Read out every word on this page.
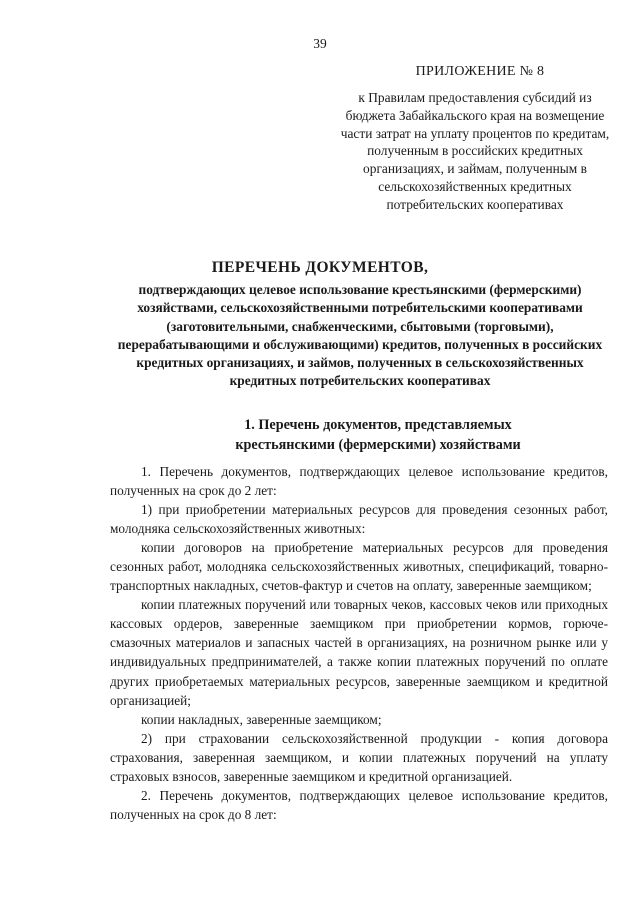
39
ПРИЛОЖЕНИЕ № 8
к Правилам предоставления субсидий из бюджета Забайкальского края на возмещение части затрат на уплату процентов по кредитам, полученным в российских кредитных организациях, и займам, полученным в сельскохозяйственных кредитных потребительских кооперативах
ПЕРЕЧЕНЬ ДОКУМЕНТОВ,
подтверждающих целевое использование крестьянскими (фермерскими) хозяйствами, сельскохозяйственными потребительскими кооперативами (заготовительными, снабженческими, сбытовыми (торговыми), перерабатывающими и обслуживающими) кредитов, полученных в российских кредитных организациях, и займов, полученных в сельскохозяйственных кредитных потребительских кооперативах
1. Перечень документов, представляемых крестьянскими (фермерскими) хозяйствами

1. Перечень документов, подтверждающих целевое использование кредитов, полученных на срок до 2 лет:

1) при приобретении материальных ресурсов для проведения сезонных работ, молодняка сельскохозяйственных животных:

копии договоров на приобретение материальных ресурсов для проведения сезонных работ, молодняка сельскохозяйственных животных, спецификаций, товарно-транспортных накладных, счетов-фактур и счетов на оплату, заверенные заемщиком;

копии платежных поручений или товарных чеков, кассовых чеков или приходных кассовых ордеров, заверенные заемщиком при приобретении кормов, горюче-смазочных материалов и запасных частей в организациях, на розничном рынке или у индивидуальных предпринимателей, а также копии платежных поручений по оплате других приобретаемых материальных ресурсов, заверенные заемщиком и кредитной организацией;

копии накладных, заверенные заемщиком;

2) при страховании сельскохозяйственной продукции - копия договора страхования, заверенная заемщиком, и копии платежных поручений на уплату страховых взносов, заверенные заемщиком и кредитной организацией.

2. Перечень документов, подтверждающих целевое использование кредитов, полученных на срок до 8 лет:
